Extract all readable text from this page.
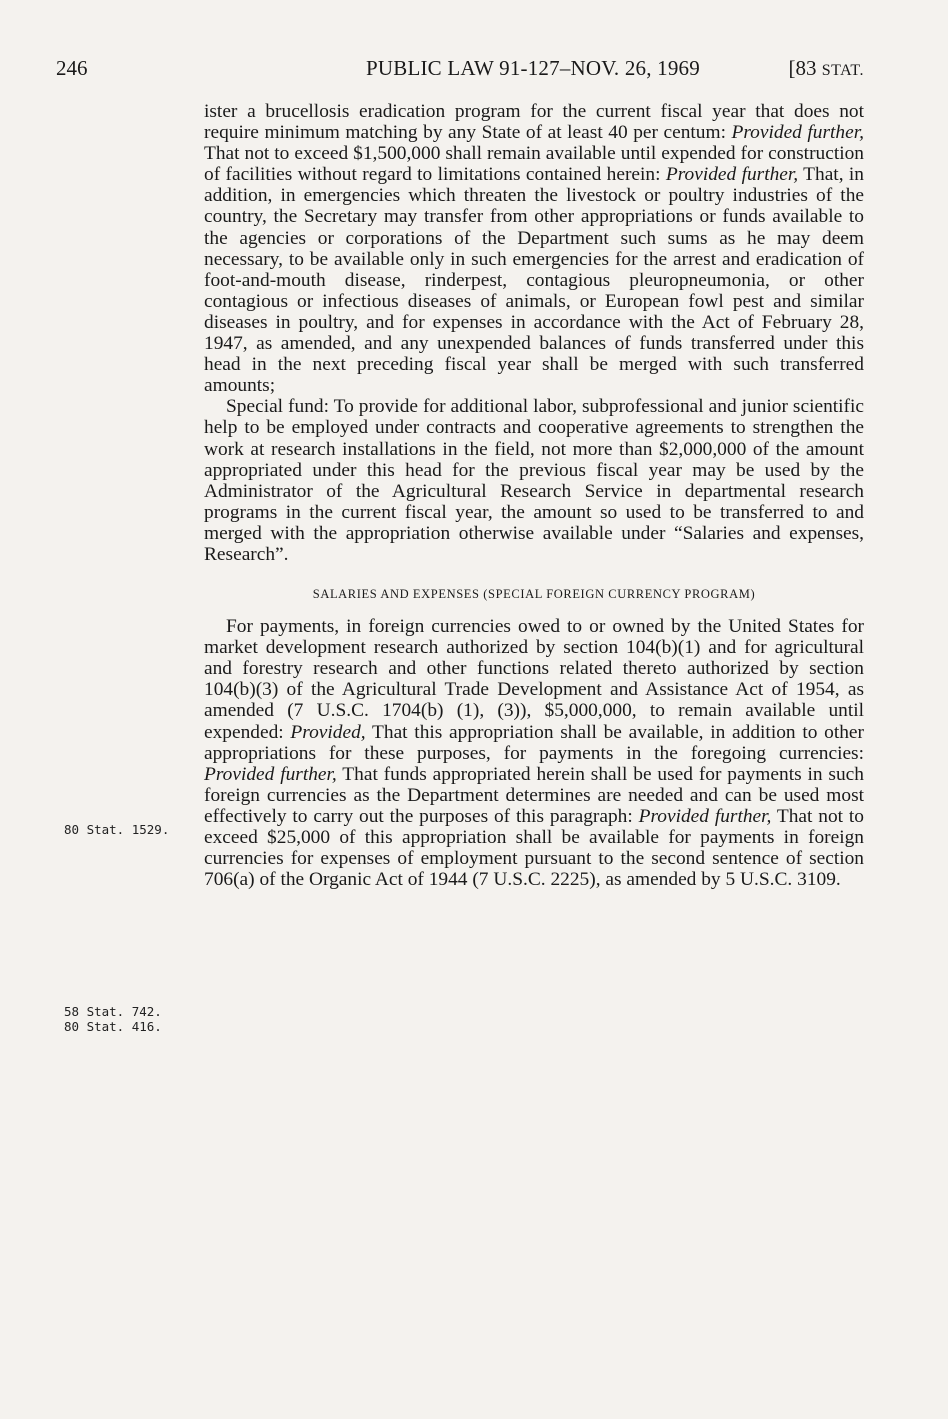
246	PUBLIC LAW 91-127–NOV. 26, 1969	[83 STAT.

ister a brucellosis eradication program for the current fiscal year that does not require minimum matching by any State of at least 40 per centum: Provided further, That not to exceed $1,500,000 shall remain available until expended for construction of facilities without regard to limitations contained herein: Provided further, That, in addition, in emergencies which threaten the livestock or poultry industries of the country, the Secretary may transfer from other appropriations or funds available to the agencies or corporations of the Department such sums as he may deem necessary, to be available only in such emergencies for the arrest and eradication of foot-and-mouth disease, rinderpest, contagious pleuropneumonia, or other contagious or infectious diseases of animals, or European fowl pest and similar diseases in poultry, and for expenses in accordance with the Act of February 28, 1947, as amended, and any unexpended balances of funds transferred under this head in the next preceding fiscal year shall be merged with such transferred amounts;

Special fund: To provide for additional labor, subprofessional and junior scientific help to be employed under contracts and cooperative agreements to strengthen the work at research installations in the field, not more than $2,000,000 of the amount appropriated under this head for the previous fiscal year may be used by the Administrator of the Agricultural Research Service in departmental research programs in the current fiscal year, the amount so used to be transferred to and merged with the appropriation otherwise available under “Salaries and expenses, Research”.

SALARIES AND EXPENSES (SPECIAL FOREIGN CURRENCY PROGRAM)

For payments, in foreign currencies owed to or owned by the United States for market development research authorized by section 104(b)(1) and for agricultural and forestry research and other functions related thereto authorized by section 104(b)(3) of the Agricultural Trade Development and Assistance Act of 1954, as amended (7 U.S.C. 1704(b) (1), (3)), $5,000,000, to remain available until expended: Provided, That this appropriation shall be available, in addition to other appropriations for these purposes, for payments in the foregoing currencies: Provided further, That funds appropriated herein shall be used for payments in such foreign currencies as the Department determines are needed and can be used most effectively to carry out the purposes of this paragraph: Provided further, That not to exceed $25,000 of this appropriation shall be available for payments in foreign currencies for expenses of employment pursuant to the second sentence of section 706(a) of the Organic Act of 1944 (7 U.S.C. 2225), as amended by 5 U.S.C. 3109.

80 Stat. 1529.
58 Stat. 742.
80 Stat. 416.
